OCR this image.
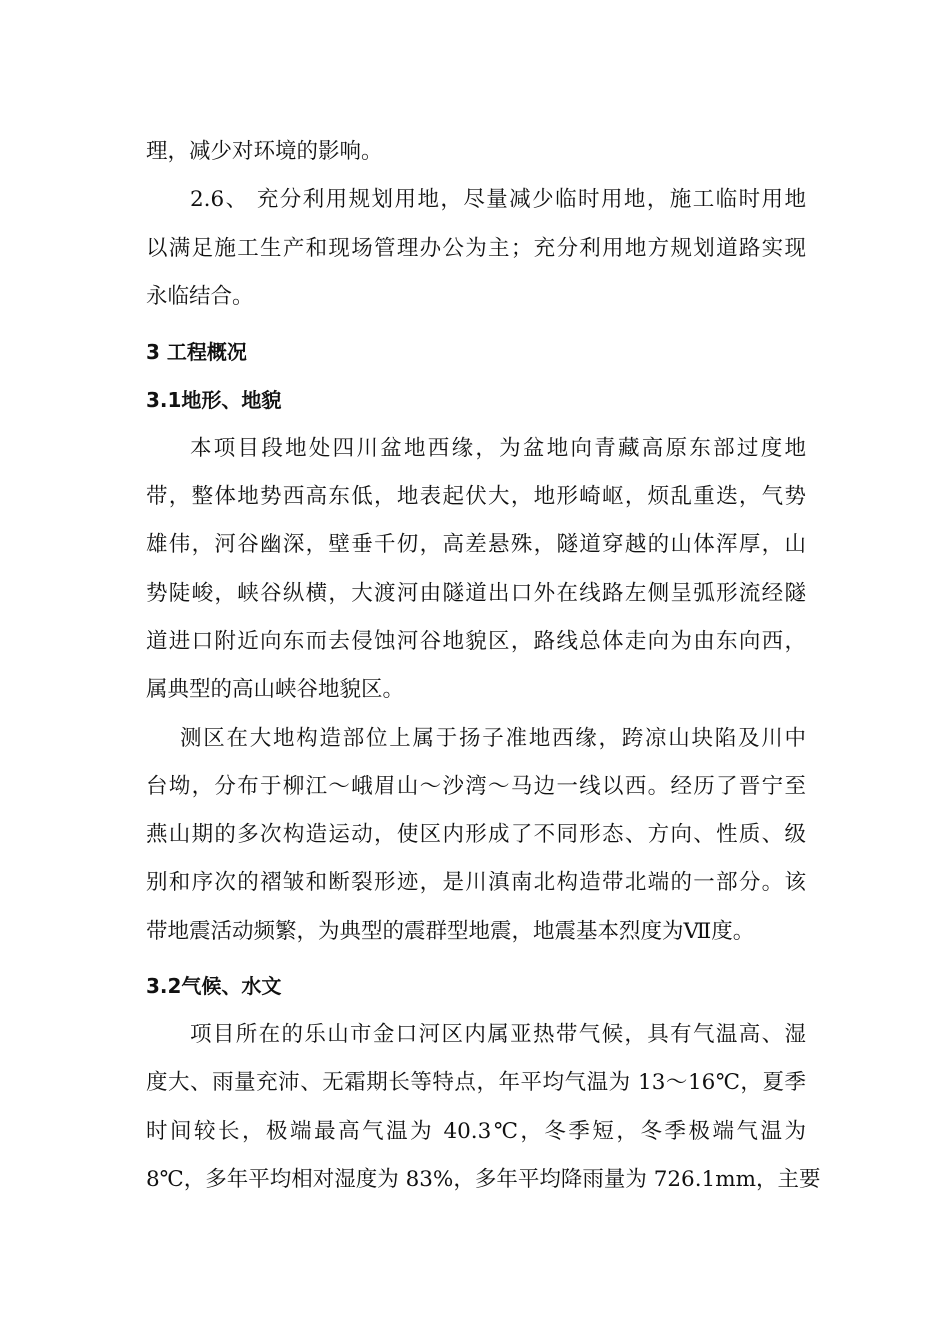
理，减少对环境的影响。
2.6、 充分利用规划用地，尽量减少临时用地，施工临时用地
以满足施工生产和现场管理办公为主；充分利用地方规划道路实现
永临结合。
3 工程概况
3.1地形、地貌
本项目段地处四川盆地西缘，为盆地向青藏高原东部过度地
带，整体地势西高东低，地表起伏大，地形崎岖，烦乱重迭，气势
雄伟，河谷幽深，壁垂千仞，高差悬殊，隧道穿越的山体浑厚，山
势陡峻，峡谷纵横，大渡河由隧道出口外在线路左侧呈弧形流经隧
道进口附近向东而去侵蚀河谷地貌区，路线总体走向为由东向西，
属典型的高山峡谷地貌区。
测区在大地构造部位上属于扬子准地西缘，跨凉山块陷及川中
台坳，分布于柳江～峨眉山～沙湾～马边一线以西。经历了晋宁至
燕山期的多次构造运动，使区内形成了不同形态、方向、性质、级
别和序次的褶皱和断裂形迹，是川滇南北构造带北端的一部分。该
带地震活动频繁，为典型的震群型地震，地震基本烈度为Ⅶ度。
3.2气候、水文
项目所在的乐山市金口河区内属亚热带气候，具有气温高、湿
度大、雨量充沛、无霜期长等特点，年平均气温为 13～16℃，夏季
时间较长，极端最高气温为 40.3℃，冬季短，冬季极端气温为
8℃，多年平均相对湿度为 83%，多年平均降雨量为 726.1mm，主要
